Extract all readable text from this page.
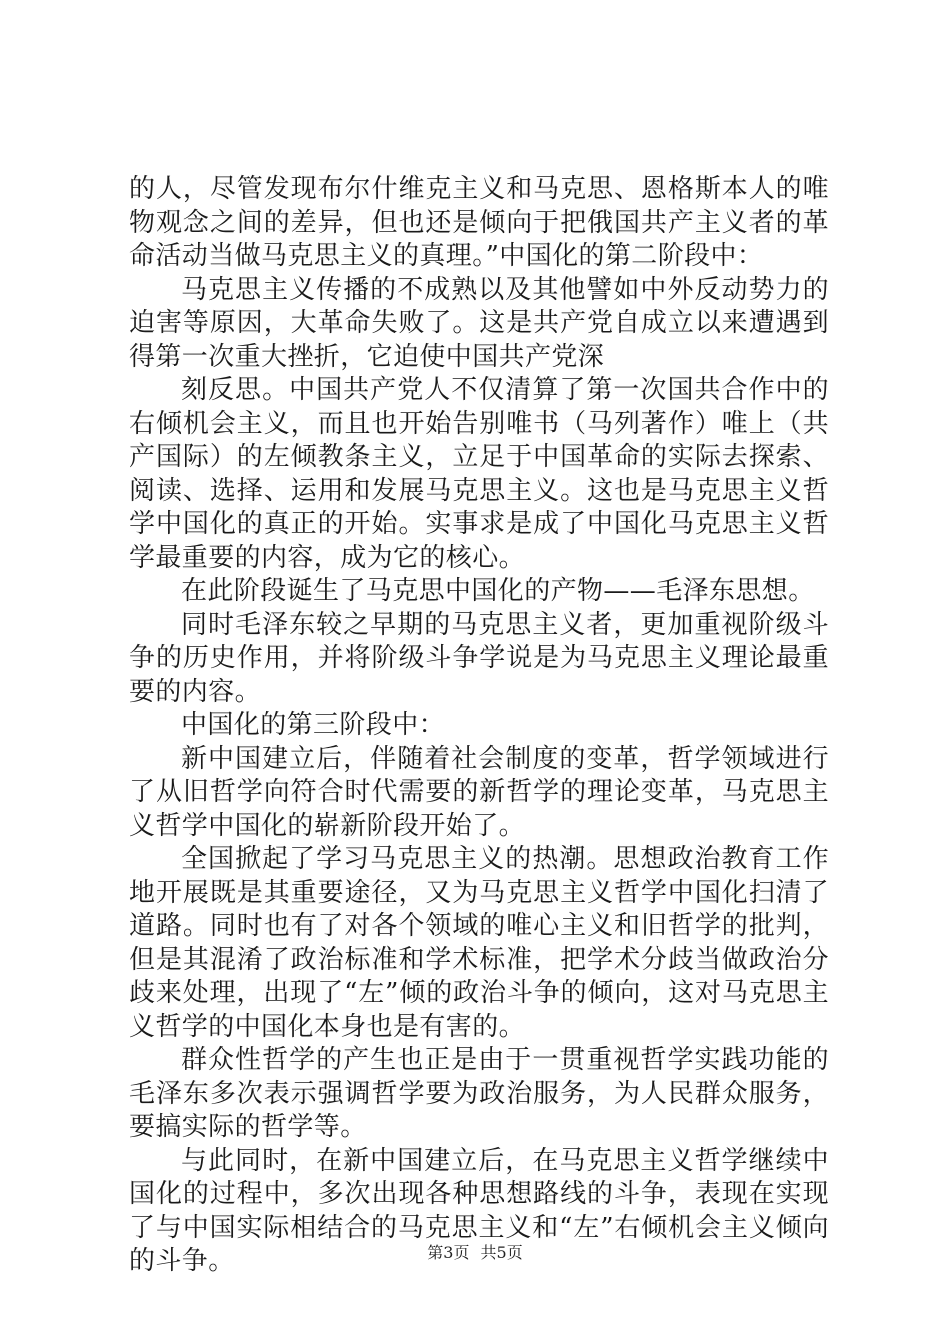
的人，尽管发现布尔什维克主义和马克思、恩格斯本人的唯物观念之间的差异，但也还是倾向于把俄国共产主义者的革命活动当做马克思主义的真理。”中国化的第二阶段中：

马克思主义传播的不成熟以及其他譬如中外反动势力的迫害等原因，大革命失败了。这是共产党自成立以来遭遇到得第一次重大挫折，它迫使中国共产党深

刻反思。中国共产党人不仅清算了第一次国共合作中的右倾机会主义，而且也开始告别唯书（马列著作）唯上（共产国际）的左倾教条主义，立足于中国革命的实际去探索、阅读、选择、运用和发展马克思主义。这也是马克思主义哲学中国化的真正的开始。实事求是成了中国化马克思主义哲学最重要的内容，成为它的核心。

在此阶段诞生了马克思中国化的产物——毛泽东思想。

同时毛泽东较之早期的马克思主义者，更加重视阶级斗争的历史作用，并将阶级斗争学说是为马克思主义理论最重要的内容。

中国化的第三阶段中：

新中国建立后，伴随着社会制度的变革，哲学领域进行了从旧哲学向符合时代需要的新哲学的理论变革，马克思主义哲学中国化的崭新阶段开始了。

全国掀起了学习马克思主义的热潮。思想政治教育工作地开展既是其重要途径，又为马克思主义哲学中国化扫清了道路。同时也有了对各个领域的唯心主义和旧哲学的批判，但是其混淆了政治标准和学术标准，把学术分歧当做政治分歧来处理，出现了“左”倾的政治斗争的倾向，这对马克思主义哲学的中国化本身也是有害的。

群众性哲学的产生也正是由于一贯重视哲学实践功能的毛泽东多次表示强调哲学要为政治服务，为人民群众服务，要搞实际的哲学等。

与此同时，在新中国建立后，在马克思主义哲学继续中国化的过程中，多次出现各种思想路线的斗争，表现在实现了与中国实际相结合的马克思主义和“左”右倾机会主义倾向的斗争。	第3页 共5页
